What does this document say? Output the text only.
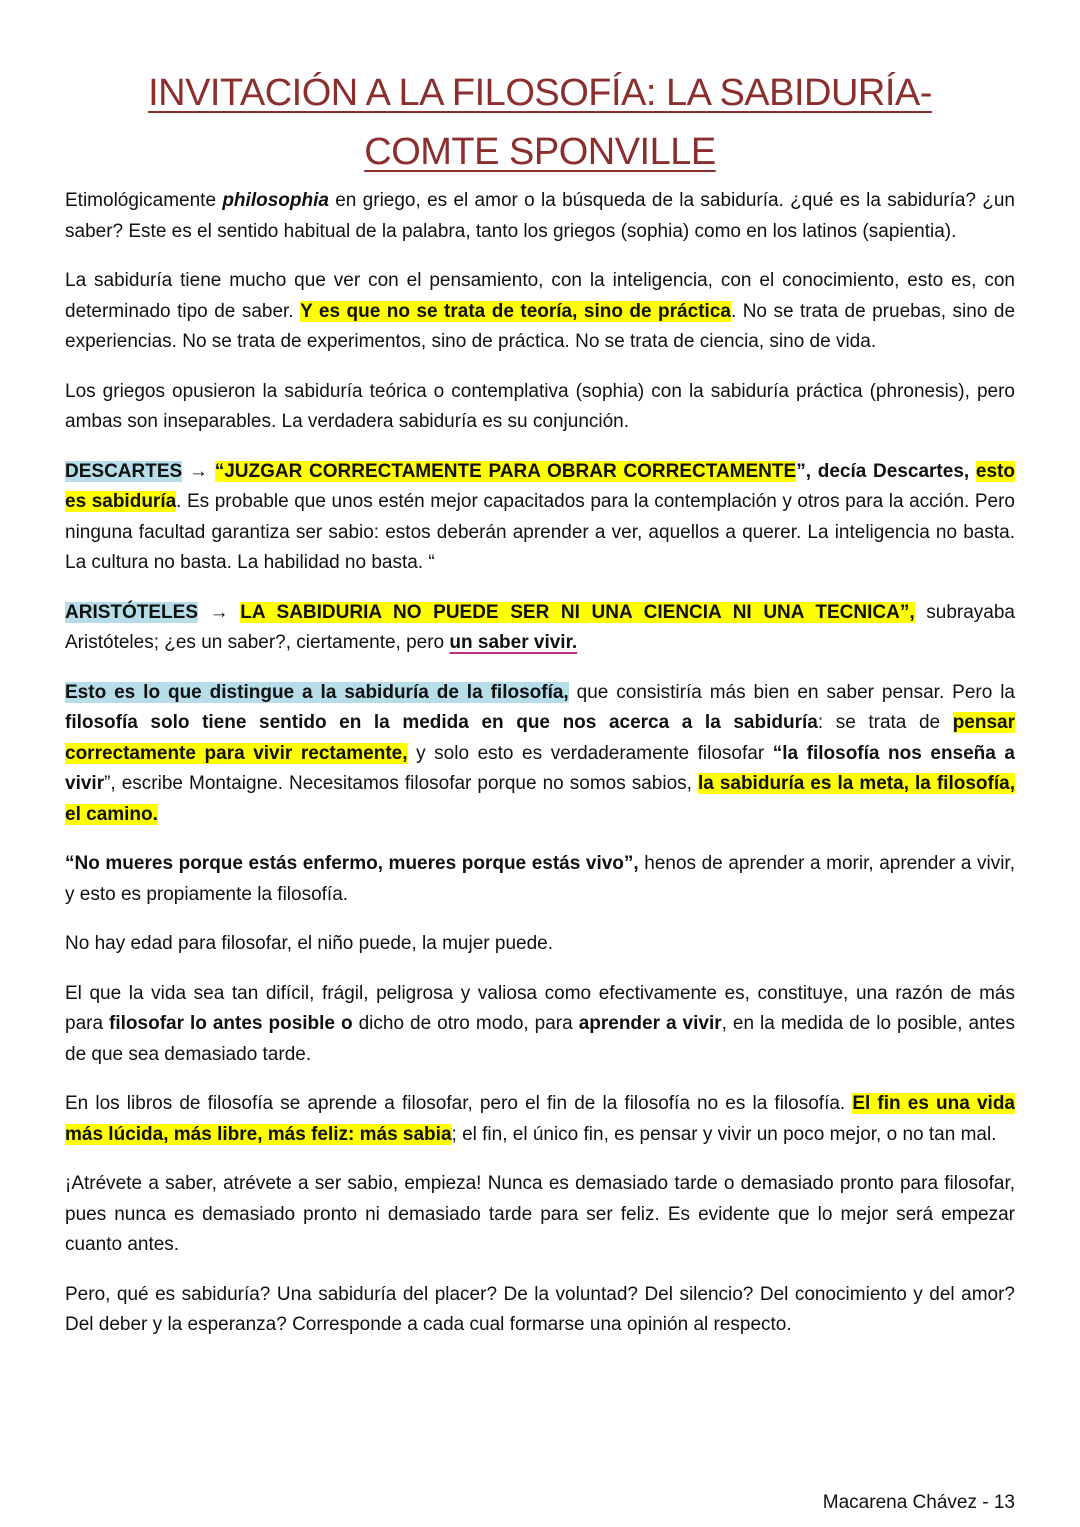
INVITACIÓN A LA FILOSOFÍA: LA SABIDURÍA-
COMTE SPONVILLE

Etimológicamente philosophia en griego, es el amor o la búsqueda de la sabiduría. ¿qué es la sabiduría? ¿un saber? Este es el sentido habitual de la palabra, tanto los griegos (sophia) como en los latinos (sapientia).

La sabiduría tiene mucho que ver con el pensamiento, con la inteligencia, con el conocimiento, esto es, con determinado tipo de saber. Y es que no se trata de teoría, sino de práctica. No se trata de pruebas, sino de experiencias. No se trata de experimentos, sino de práctica. No se trata de ciencia, sino de vida.

Los griegos opusieron la sabiduría teórica o contemplativa (sophia) con la sabiduría práctica (phronesis), pero ambas son inseparables. La verdadera sabiduría es su conjunción.

DESCARTES → “JUZGAR CORRECTAMENTE PARA OBRAR CORRECTAMENTE”, decía Descartes, esto es sabiduría. Es probable que unos estén mejor capacitados para la contemplación y otros para la acción. Pero ninguna facultad garantiza ser sabio: estos deberán aprender a ver, aquellos a querer. La inteligencia no basta. La cultura no basta. La habilidad no basta. “

ARISTÓTELES → LA SABIDURIA NO PUEDE SER NI UNA CIENCIA NI UNA TECNICA”, subrayaba Aristóteles; ¿es un saber?, ciertamente, pero un saber vivir.

Esto es lo que distingue a la sabiduría de la filosofía, que consistiría más bien en saber pensar. Pero la filosofía solo tiene sentido en la medida en que nos acerca a la sabiduría: se trata de pensar correctamente para vivir rectamente, y solo esto es verdaderamente filosofar “la filosofía nos enseña a vivir”, escribe Montaigne. Necesitamos filosofar porque no somos sabios, la sabiduría es la meta, la filosofía, el camino.

“No mueres porque estás enfermo, mueres porque estás vivo”, henos de aprender a morir, aprender a vivir, y esto es propiamente la filosofía.

No hay edad para filosofar, el niño puede, la mujer puede.

El que la vida sea tan difícil, frágil, peligrosa y valiosa como efectivamente es, constituye, una razón de más para filosofar lo antes posible o dicho de otro modo, para aprender a vivir, en la medida de lo posible, antes de que sea demasiado tarde.

En los libros de filosofía se aprende a filosofar, pero el fin de la filosofía no es la filosofía. El fin es una vida más lúcida, más libre, más feliz: más sabia; el fin, el único fin, es pensar y vivir un poco mejor, o no tan mal.

¡Atrévete a saber, atrévete a ser sabio, empieza! Nunca es demasiado tarde o demasiado pronto para filosofar, pues nunca es demasiado pronto ni demasiado tarde para ser feliz. Es evidente que lo mejor será empezar cuanto antes.

Pero, qué es sabiduría? Una sabiduría del placer? De la voluntad? Del silencio? Del conocimiento y del amor? Del deber y la esperanza? Corresponde a cada cual formarse una opinión al respecto.

Macarena Chávez - 13
